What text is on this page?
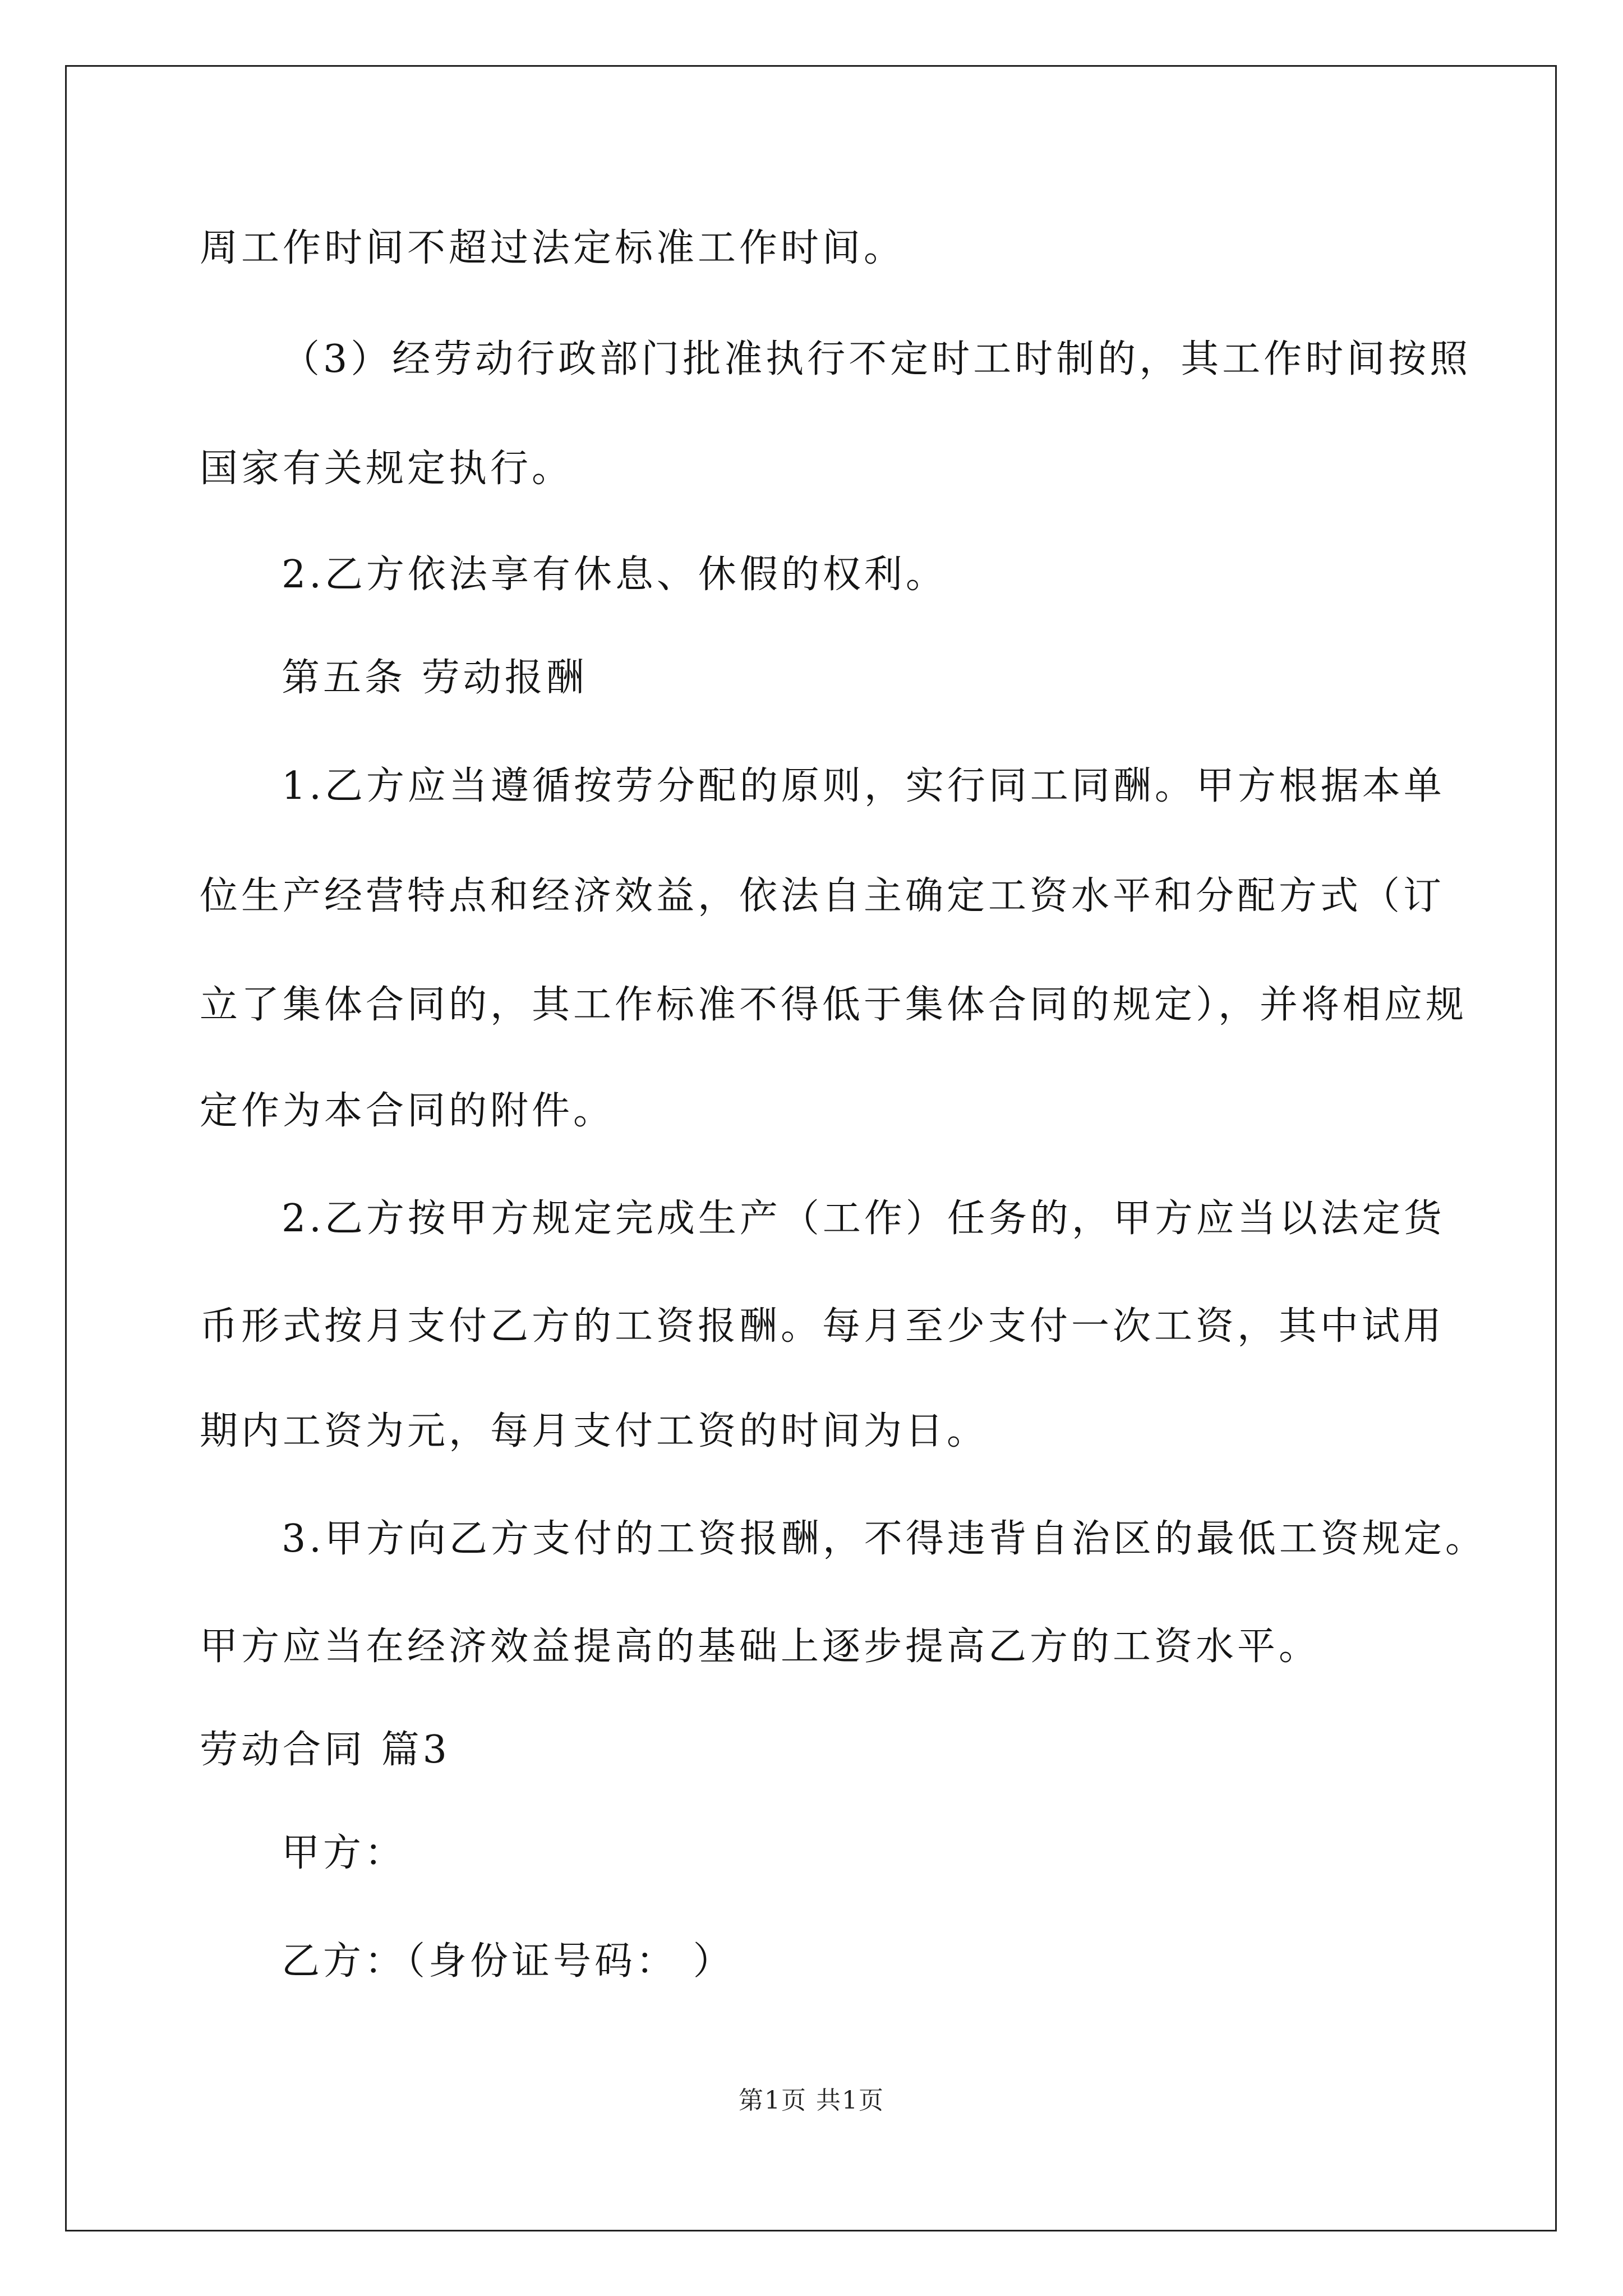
周工作时间不超过法定标准工作时间。
（3）经劳动行政部门批准执行不定时工时制的，其工作时间按照
国家有关规定执行。
2.乙方依法享有休息、休假的权利。
第五条 劳动报酬
1.乙方应当遵循按劳分配的原则，实行同工同酬。甲方根据本单
位生产经营特点和经济效益，依法自主确定工资水平和分配方式（订
立了集体合同的，其工作标准不得低于集体合同的规定），并将相应规
定作为本合同的附件。
2.乙方按甲方规定完成生产（工作）任务的，甲方应当以法定货
币形式按月支付乙方的工资报酬。每月至少支付一次工资，其中试用
期内工资为元，每月支付工资的时间为日。
3.甲方向乙方支付的工资报酬，不得违背自治区的最低工资规定。
甲方应当在经济效益提高的基础上逐步提高乙方的工资水平。
劳动合同 篇3
甲方：
乙方：（身份证号码： ）
第1页 共1页
